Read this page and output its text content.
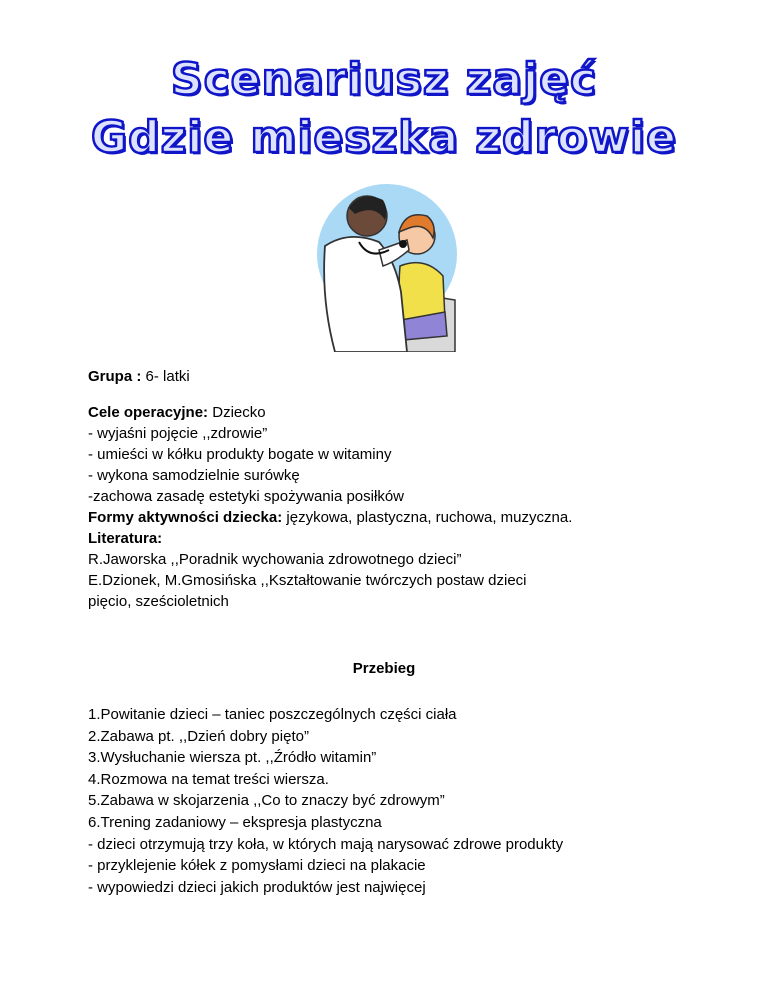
Scenariusz zajęć
Gdzie mieszka zdrowie

Grupa : 6- latki

Cele operacyjne: Dziecko

- wyjaśni pojęcie ,,zdrowie”

- umieści w kółku produkty bogate w witaminy

- wykona samodzielnie surówkę

-zachowa zasadę estetyki spożywania posiłków

Formy aktywności dziecka: językowa, plastyczna, ruchowa, muzyczna.

Literatura:

R.Jaworska ,,Poradnik wychowania zdrowotnego dzieci”

E.Dzionek, M.Gmosińska ,,Kształtowanie twórczych postaw dzieci

pięcio, sześcioletnich

Przebieg

1.Powitanie dzieci – taniec poszczególnych części ciała

2.Zabawa pt. ,,Dzień dobry pięto”

3.Wysłuchanie wiersza pt. ,,Źródło witamin”

4.Rozmowa na temat treści wiersza.

5.Zabawa w skojarzenia ,,Co to znaczy być zdrowym”

6.Trening zadaniowy – ekspresja plastyczna

- dzieci otrzymują trzy koła, w których mają narysować zdrowe produkty

- przyklejenie kółek z pomysłami dzieci na plakacie

- wypowiedzi dzieci jakich produktów jest najwięcej
